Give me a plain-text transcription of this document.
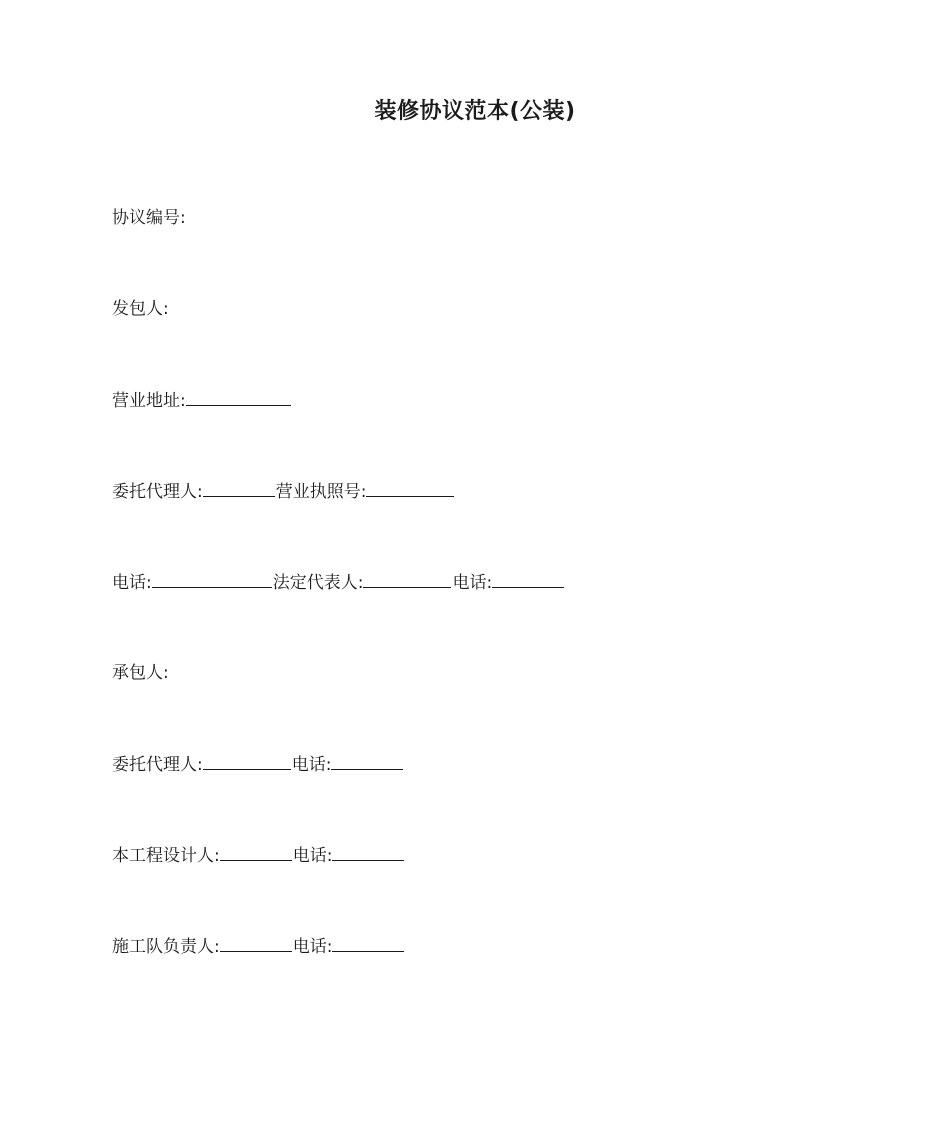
装修协议范本(公装)
协议编号:
发包人:
营业地址:
委托代理人:	营业执照号:
电话:	法定代表人:	电话:
承包人:
委托代理人:	电话:
本工程设计人:	电话:
施工队负责人:	电话:
